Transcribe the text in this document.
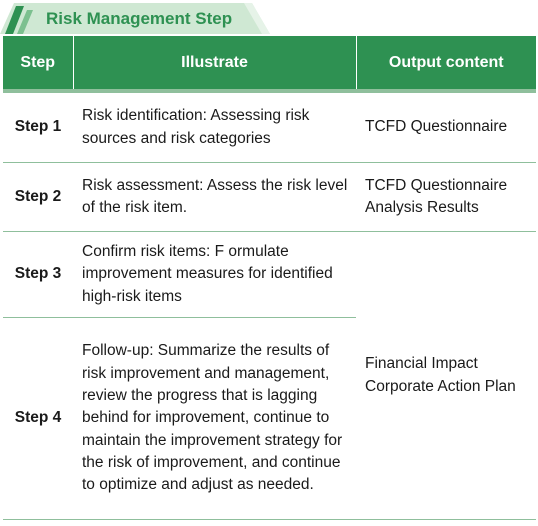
Risk Management Step
Step	Illustrate	Output content
Step 1	Risk identification: Assessing risk sources and risk categories	TCFD Questionnaire
Step 2	Risk assessment: Assess the risk level of the risk item.	TCFD Questionnaire Analysis Results
Step 3	Confirm risk items: F ormulate improvement measures for identified high-risk items	Financial Impact Corporate Action Plan
Step 4	Follow-up: Summarize the results of risk improvement and management, review the progress that is lagging behind for improvement, continue to maintain the improvement strategy for the risk of improvement, and continue to optimize and adjust as needed.	
